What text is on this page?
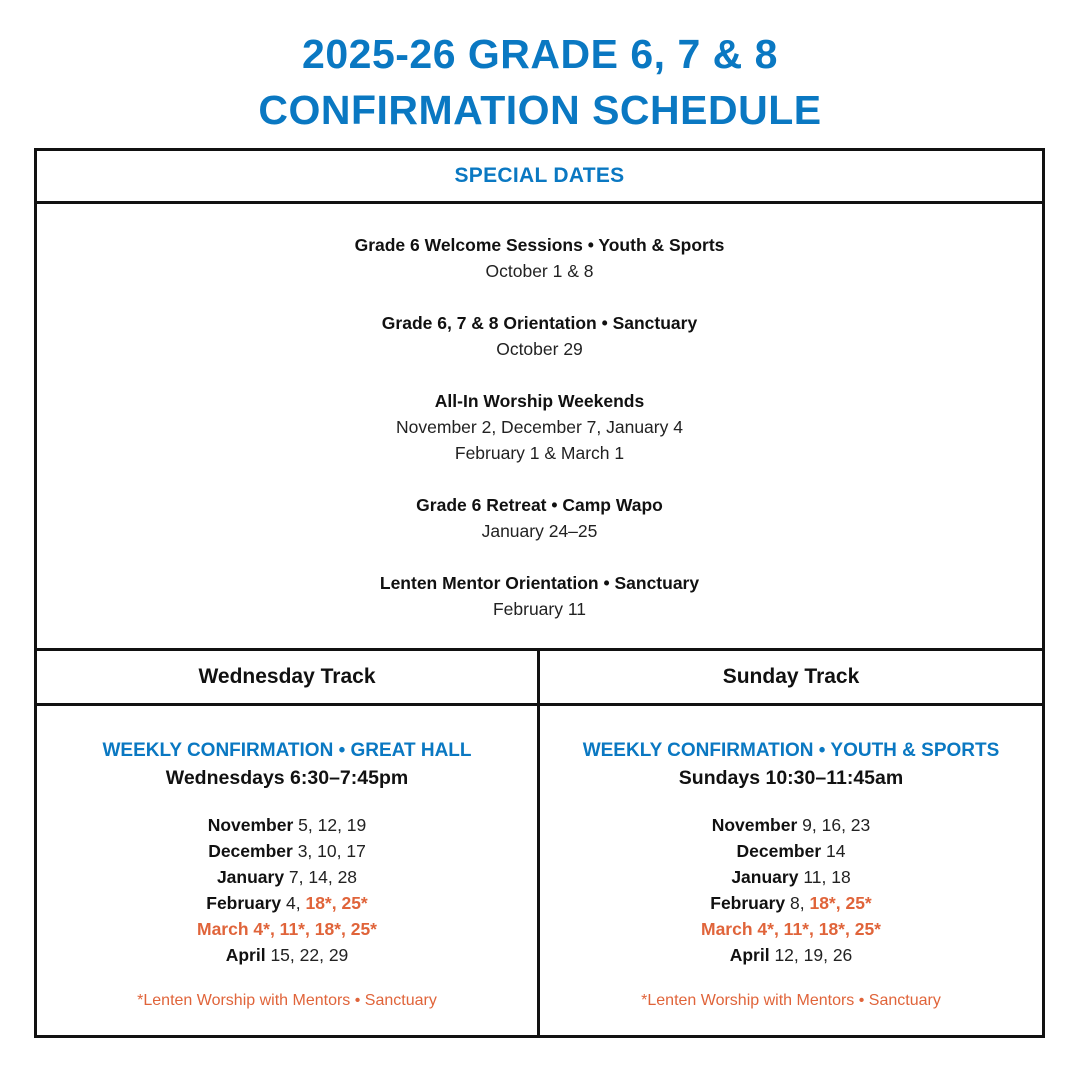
2025-26 GRADE 6, 7 & 8
CONFIRMATION SCHEDULE
SPECIAL DATES
Grade 6 Welcome Sessions • Youth & Sports
October 1 & 8
Grade 6, 7 & 8 Orientation • Sanctuary
October 29
All-In Worship Weekends
November 2, December 7, January 4
February 1 & March 1
Grade 6 Retreat • Camp Wapo
January 24–25
Lenten Mentor Orientation • Sanctuary
February 11
Wednesday Track
WEEKLY CONFIRMATION • GREAT HALL
Wednesdays 6:30–7:45pm
November 5, 12, 19
December 3, 10, 17
January 7, 14, 28
February 4, 18*, 25*
March 4*, 11*, 18*, 25*
April 15, 22, 29
*Lenten Worship with Mentors • Sanctuary
Sunday Track
WEEKLY CONFIRMATION • YOUTH & SPORTS
Sundays 10:30–11:45am
November 9, 16, 23
December 14
January 11, 18
February 8, 18*, 25*
March 4*, 11*, 18*, 25*
April 12, 19, 26
*Lenten Worship with Mentors • Sanctuary
